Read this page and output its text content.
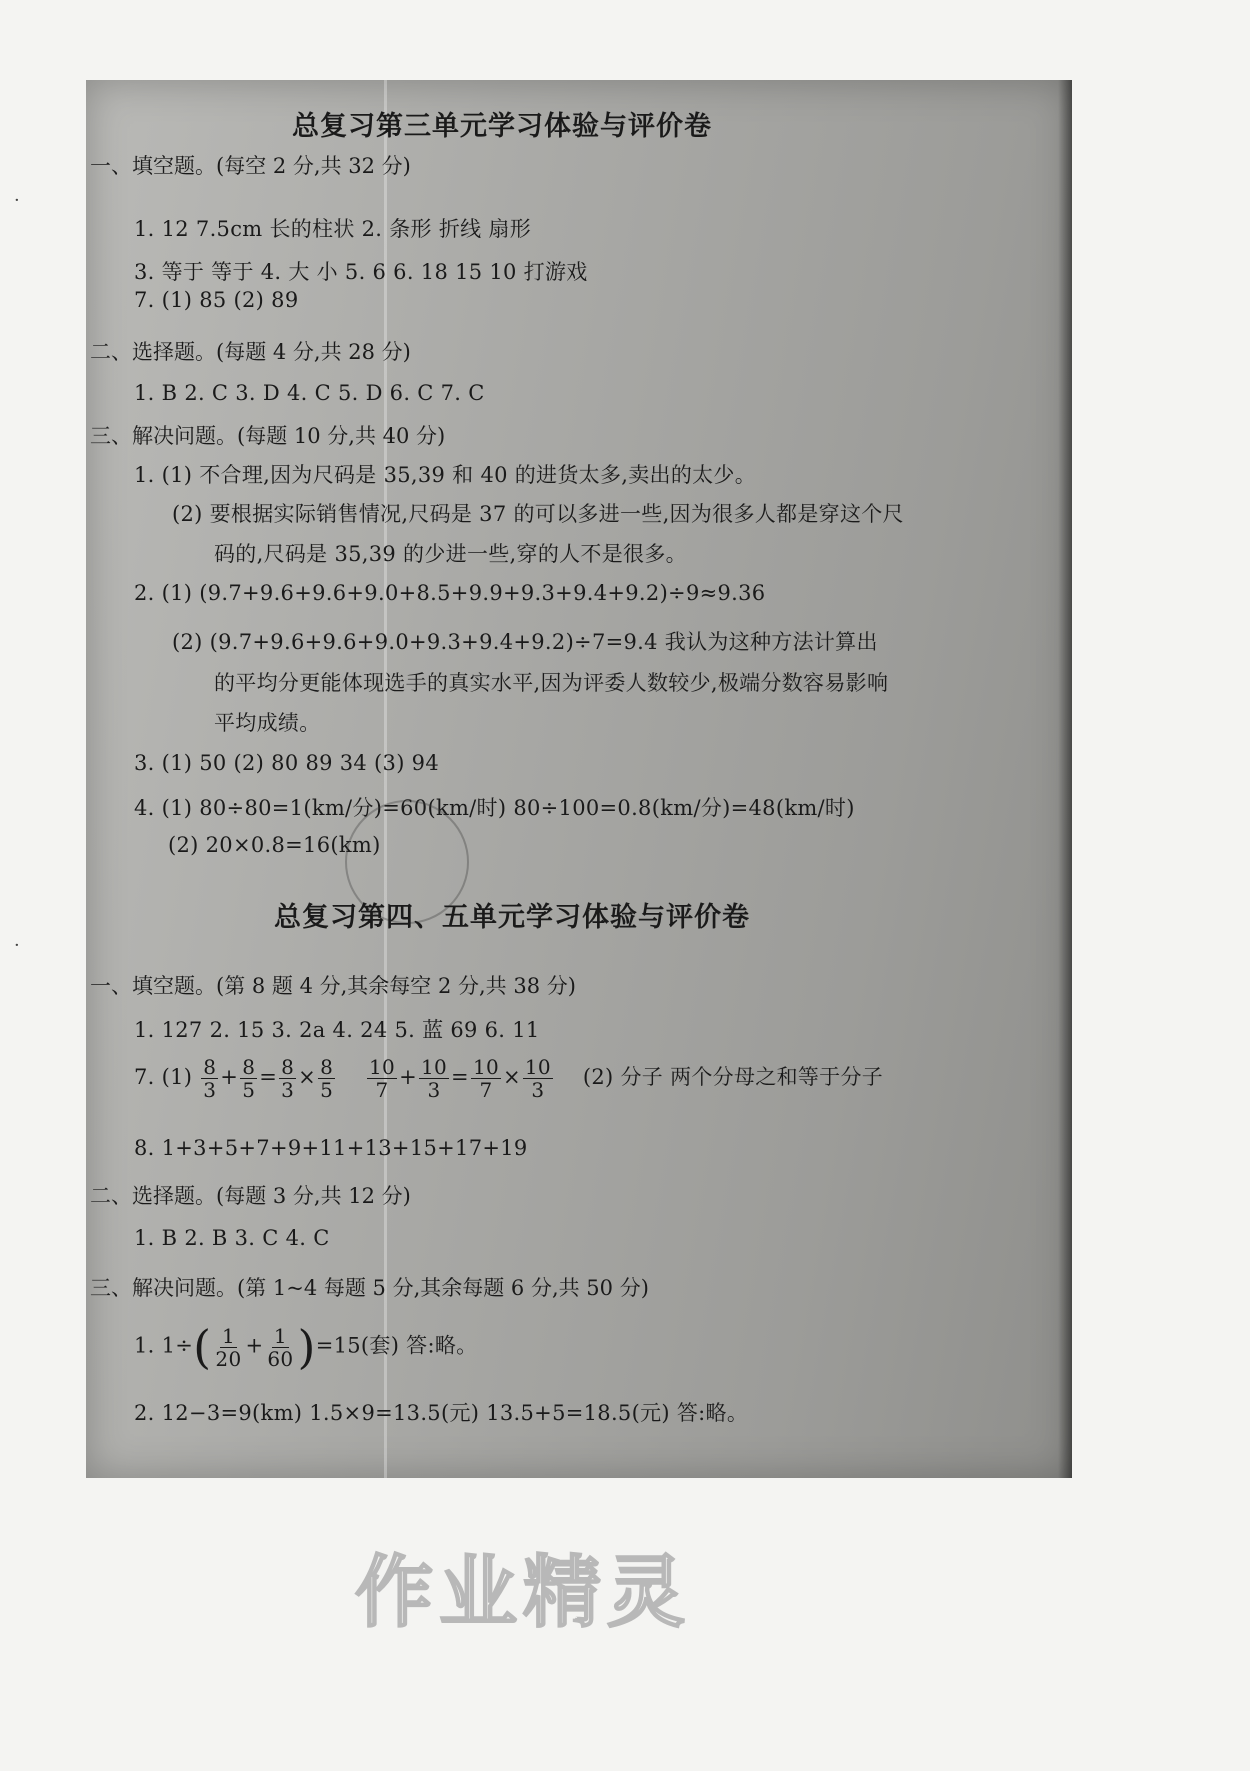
·
·
总复习第三单元学习体验与评价卷
一、填空题。(每空 2 分,共 32 分)
1. 12 7.5cm 长的柱状 2. 条形 折线 扇形
3. 等于 等于 4. 大 小 5. 6 6. 18 15 10 打游戏
7. (1) 85 (2) 89
二、选择题。(每题 4 分,共 28 分)
1. B 2. C 3. D 4. C 5. D 6. C 7. C
三、解决问题。(每题 10 分,共 40 分)
1. (1) 不合理,因为尺码是 35,39 和 40 的进货太多,卖出的太少。
(2) 要根据实际销售情况,尺码是 37 的可以多进一些,因为很多人都是穿这个尺
码的,尺码是 35,39 的少进一些,穿的人不是很多。
2. (1) (9.7+9.6+9.6+9.0+8.5+9.9+9.3+9.4+9.2)÷9≈9.36
(2) (9.7+9.6+9.6+9.0+9.3+9.4+9.2)÷7=9.4 我认为这种方法计算出
的平均分更能体现选手的真实水平,因为评委人数较少,极端分数容易影响
平均成绩。
3. (1) 50 (2) 80 89 34 (3) 94
4. (1) 80÷80=1(km/分)=60(km/时) 80÷100=0.8(km/分)=48(km/时)
(2) 20×0.8=16(km)
总复习第四、五单元学习体验与评价卷
一、填空题。(第 8 题 4 分,其余每空 2 分,共 38 分)
1. 127 2. 15 3. 2a 4. 24 5. 蓝 69 6. 11
7. $(1) \frac{8}{3} + \frac{8}{5} = \frac{8}{3} \times \frac{8}{5}$
$\frac{10}{7} + \frac{10}{3} = \frac{10}{7} \times \frac{10}{3} (2)$ 分子 两个分母之和等于分子
8. 1+3+5+7+9+11+13+15+17+19
二、选择题。(每题 3 分,共 12 分)
1. B 2. B 3. C 4. C
三、解决问题。(第 1~4 每题 5 分,其余每题 6 分,共 50 分)
1. $1\div( \frac{1}{20} + \frac{1}{60} )=15$(套) 答:略。
2. 12−3=9(km) 1.5×9=13.5(元) 13.5+5=18.5(元) 答:略。
作业精灵
